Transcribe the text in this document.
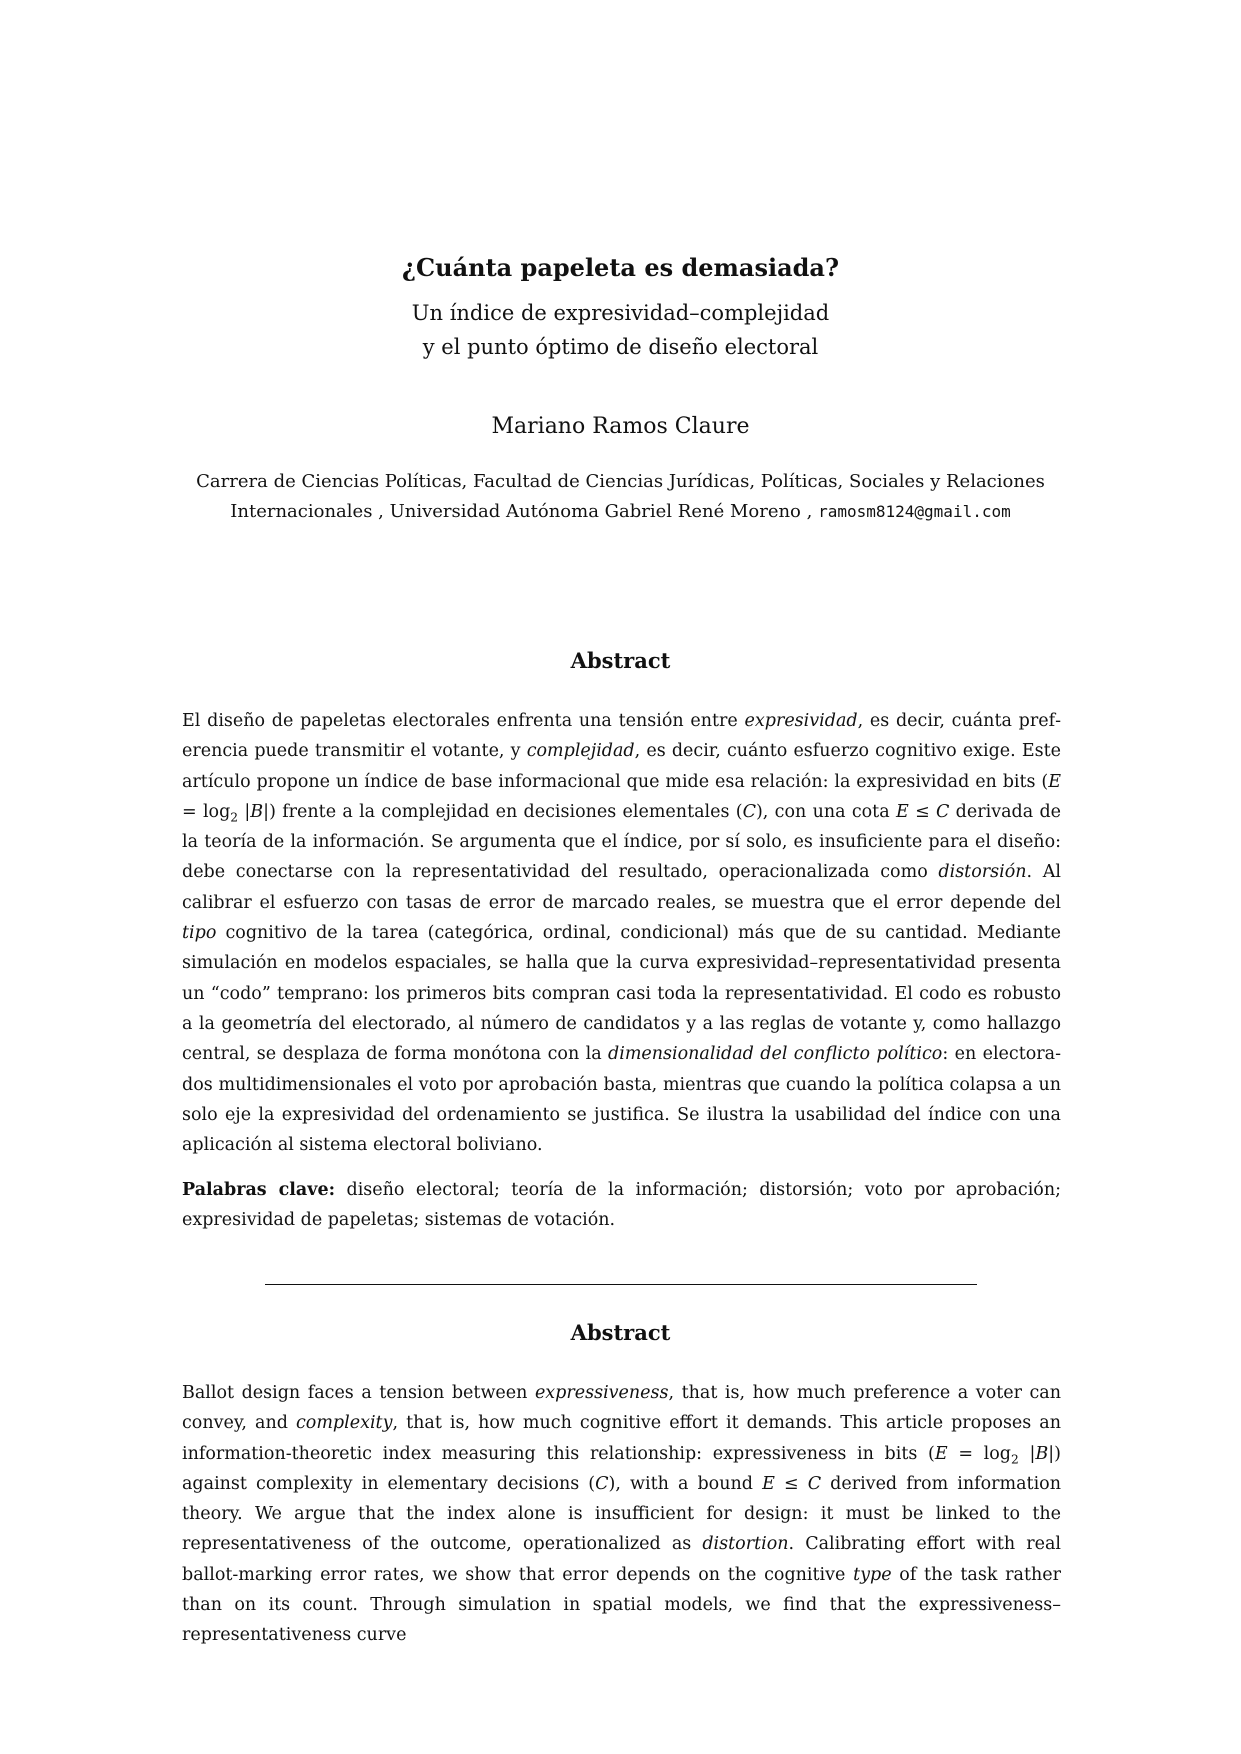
¿Cuánta papeleta es demasiada?
Un índice de expresividad–complejidad
y el punto óptimo de diseño electoral
Mariano Ramos Claure
Carrera de Ciencias Políticas, Facultad de Ciencias Jurídicas, Políticas, Sociales y Relaciones
Internacionales , Universidad Autónoma Gabriel René Moreno , ramosm8124@gmail.com
Abstract

El diseño de papeletas electorales enfrenta una tensión entre expresividad, es decir, cuánta preferencia puede transmitir el votante, y complejidad, es decir, cuánto esfuerzo cognitivo exige. Este artículo propone un índice de base informacional que mide esa relación: la expresividad en bits $(E = \log_2 |B|)$ frente a la complejidad en decisiones elementales (C), con una cota E ≤ C derivada de la teoría de la información. Se argumenta que el índice, por sí solo, es insuficiente para el diseño: debe conectarse con la representatividad del resultado, operacionalizada como distorsión. Al calibrar el esfuerzo con tasas de error de marcado reales, se muestra que el error depende del tipo cognitivo de la tarea (categórica, ordinal, condicional) más que de su cantidad. Mediante simulación en modelos espaciales, se halla que la curva expresividad–representatividad presenta un “codo” temprano: los primeros bits compran casi toda la representatividad. El codo es robusto a la geometría del electorado, al número de candidatos y a las reglas de votante y, como hallazgo central, se desplaza de forma monótona con la dimensionalidad del conflicto político: en electorados multidimensionales el voto por aprobación basta, mientras que cuando la política colapsa a un solo eje la expresividad del ordenamiento se justifica. Se ilustra la usabilidad del índice con una aplicación al sistema electoral boliviano.

Palabras clave: diseño electoral; teoría de la información; distorsión; voto por aprobación; expresividad de papeletas; sistemas de votación.

Abstract

Ballot design faces a tension between expressiveness, that is, how much preference a voter can convey, and complexity, that is, how much cognitive effort it demands. This article proposes an information-theoretic index measuring this relationship: expressiveness in bits $(E = \log_2 |B|)$ against complexity in elementary decisions (C), with a bound E ≤ C derived from information theory. We argue that the index alone is insufficient for design: it must be linked to the representativeness of the outcome, operationalized as distortion. Calibrating effort with real ballot-marking error rates, we show that error depends on the cognitive type of the task rather than on its count. Through simulation in spatial models, we find that the expressiveness–representativeness curve
